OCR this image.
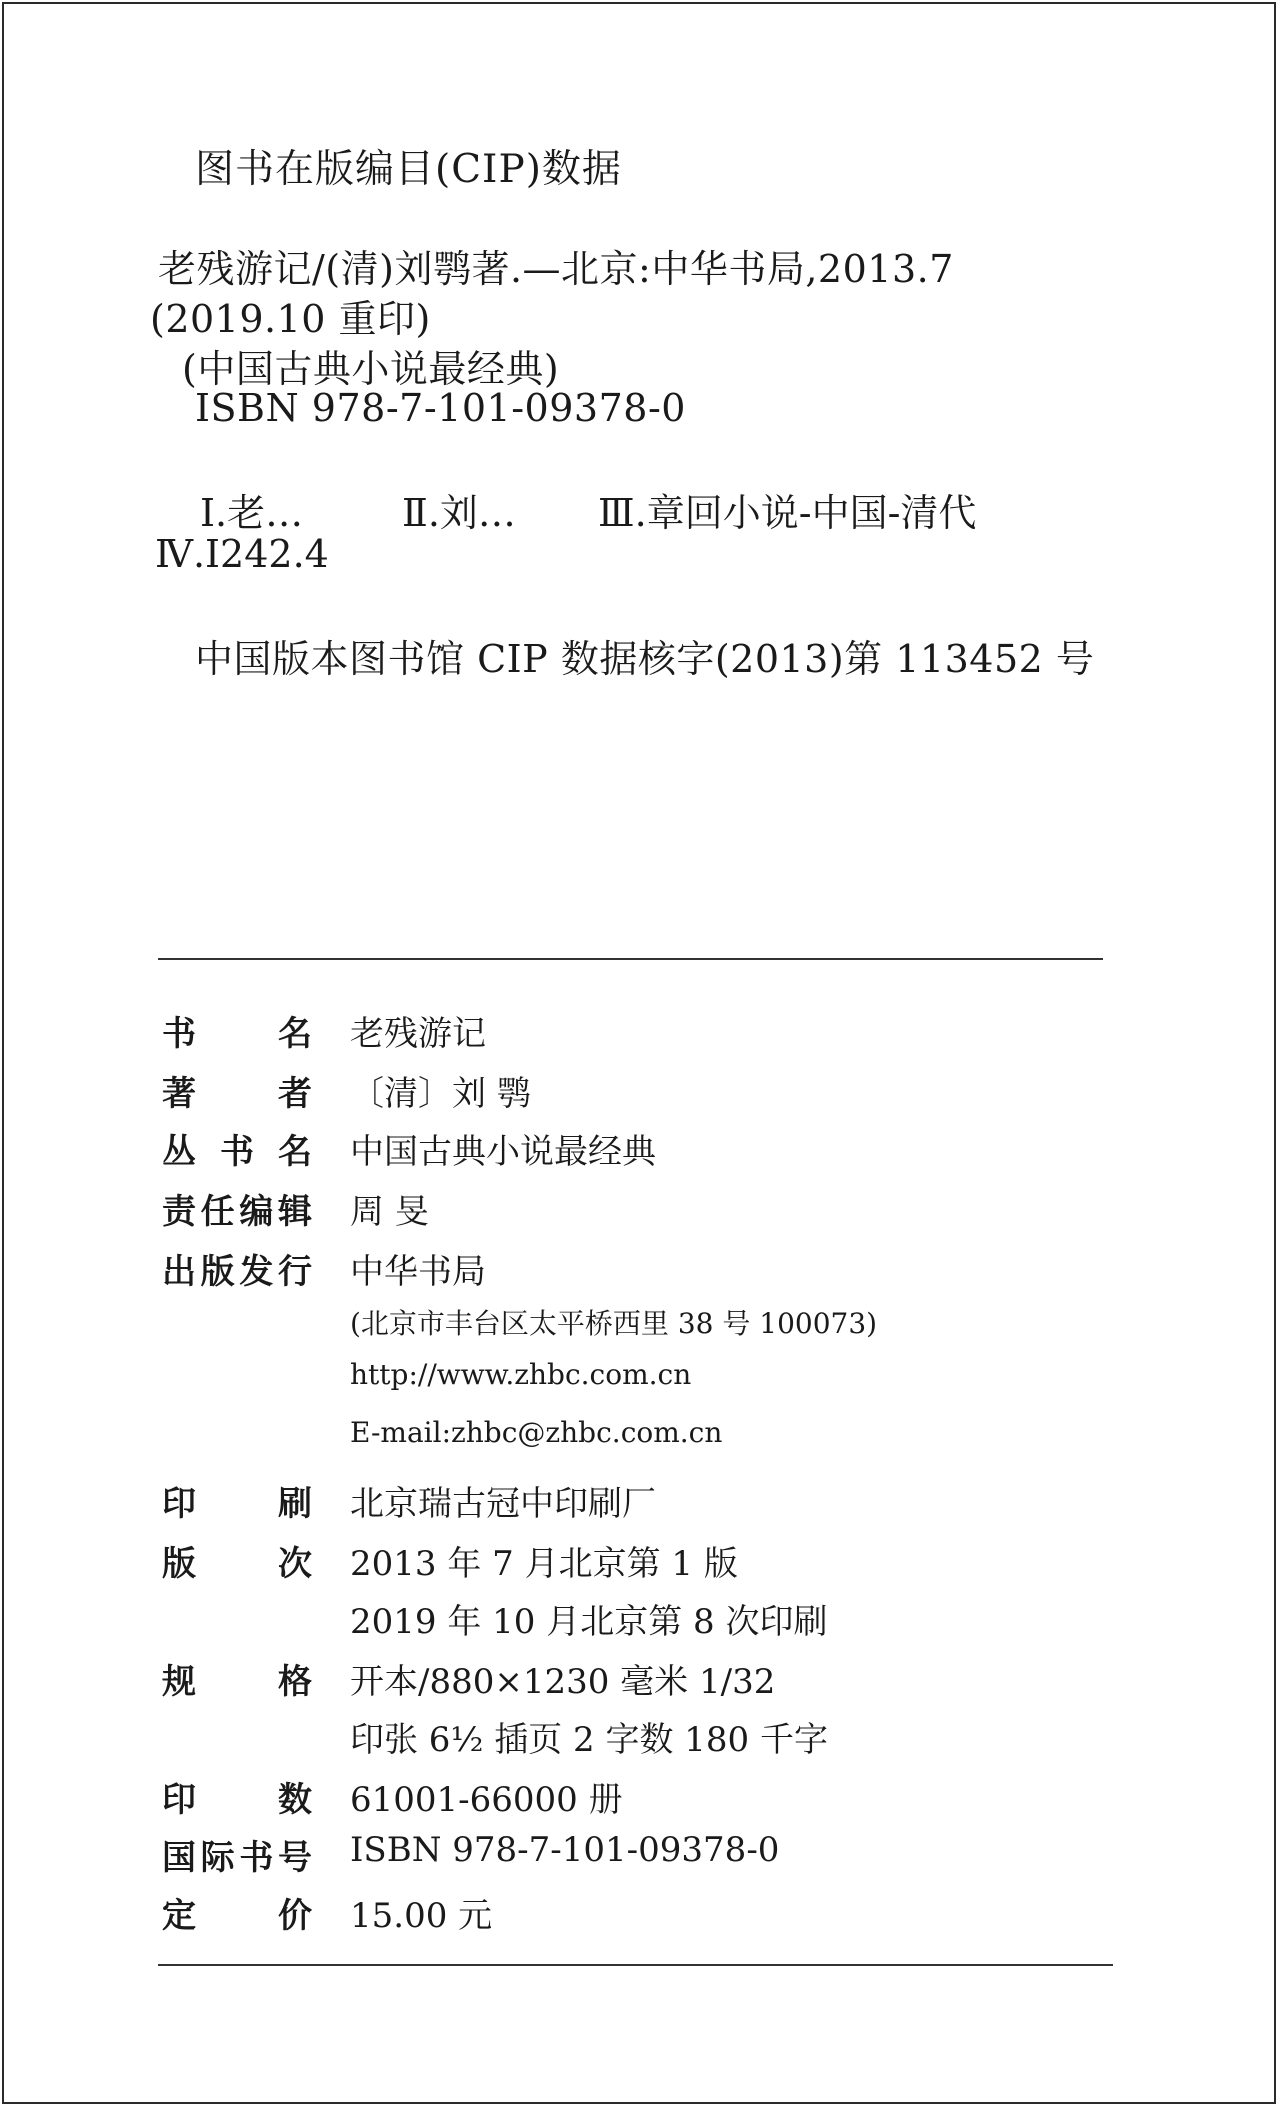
图书在版编目(CIP)数据
老残游记/(清)刘鹗著.—北京:中华书局,2013.7
(2019.10 重印)
(中国古典小说最经典)
ISBN 978-7-101-09378-0
Ⅰ.老…	Ⅱ.刘… Ⅲ.章回小说-中国-清代
Ⅳ.I242.4
中国版本图书馆 CIP 数据核字(2013)第 113452 号
书 名 老残游记
著 者 〔清〕刘 鹗
丛 书 名 中国古典小说最经典
责 任 编 辑 周 旻
出 版 发 行 中华书局
(北京市丰台区太平桥西里 38 号 100073)
http://www.zhbc.com.cn
E-mail:zhbc@zhbc.com.cn
印 刷 北京瑞古冠中印刷厂
版 次 2013 年 7 月北京第 1 版
2019 年 10 月北京第 8 次印刷
规 格 开本/880×1230 毫米 1/32
印张 6½ 插页 2 字数 180 千字
印 数 61001-66000 册
国 际 书 号 ISBN 978-7-101-09378-0
定 价 15.00 元
